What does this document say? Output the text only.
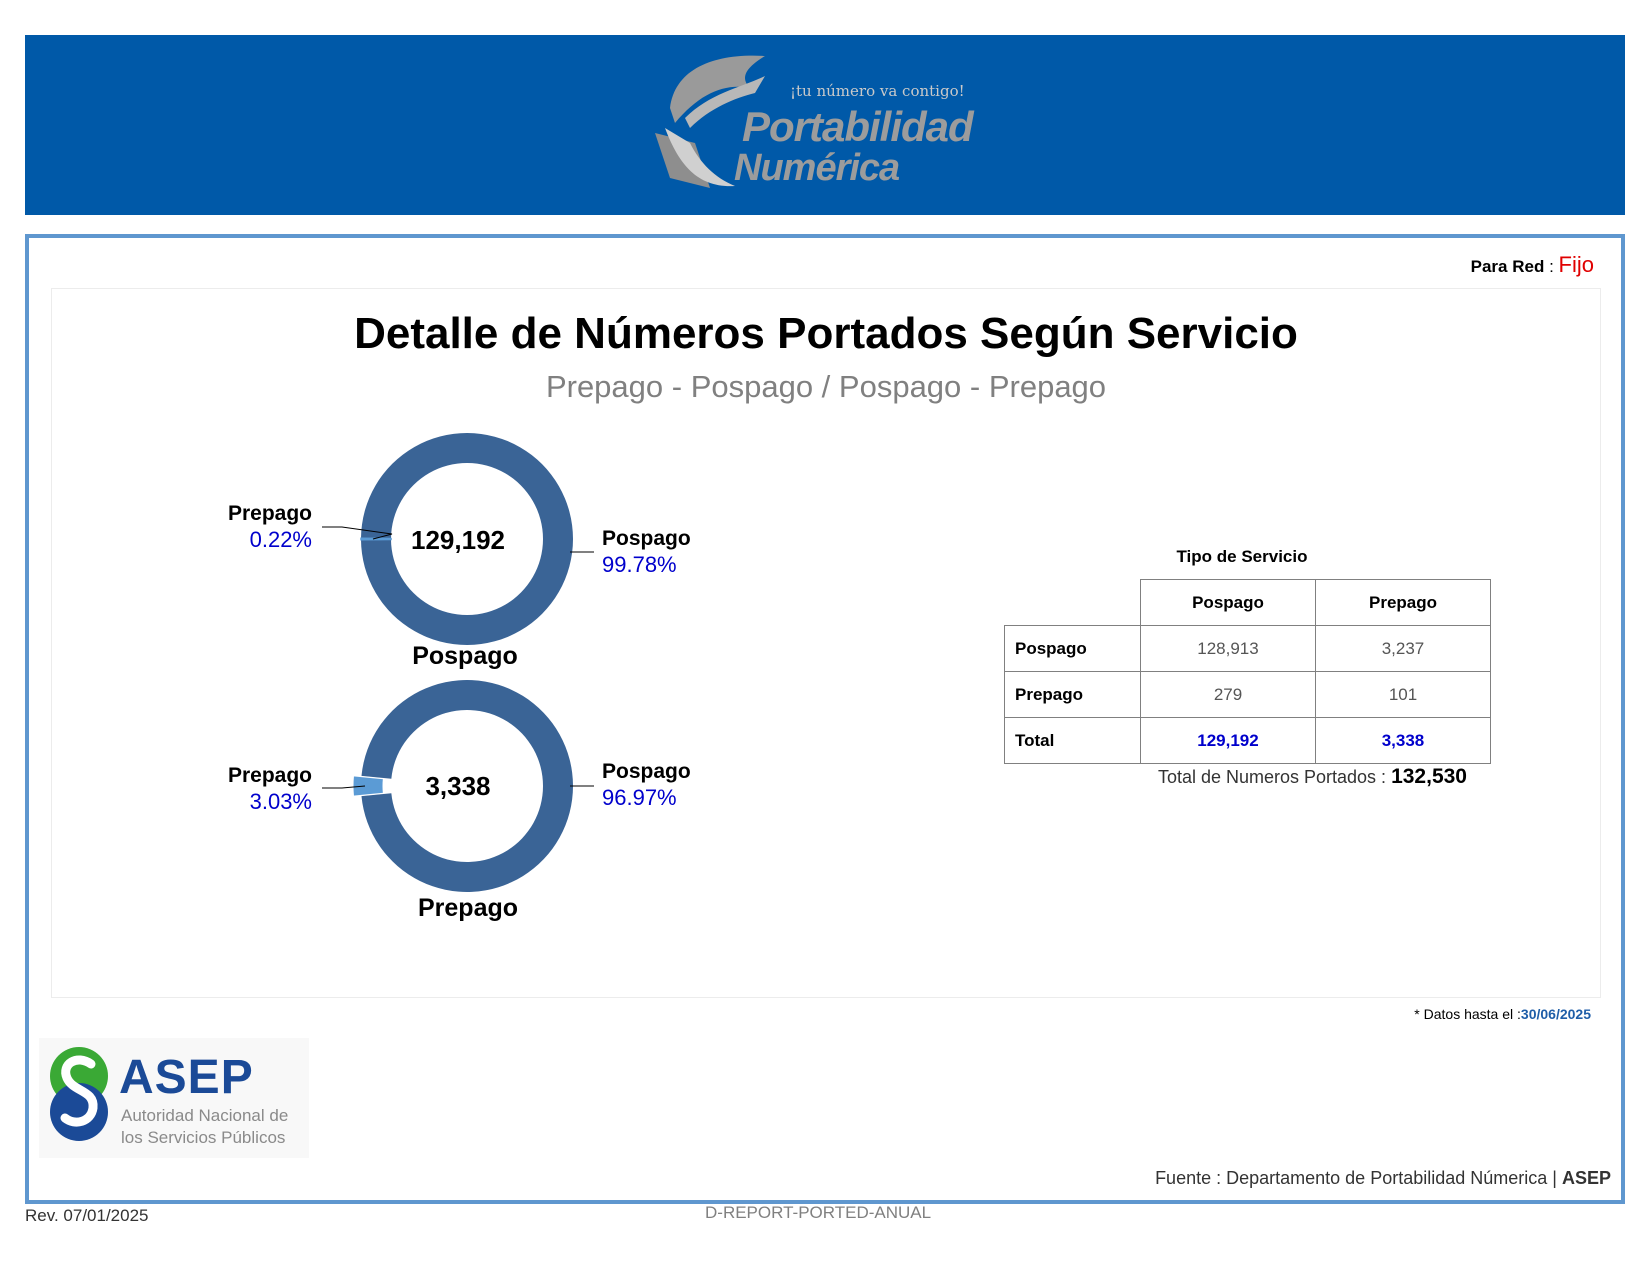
¡tu número va contigo!
Portabilidad
Numérica
Para Red : Fijo
Detalle de Números Portados Según Servicio
Prepago - Pospago / Pospago - Prepago
Prepago
0.22%	Pospago
99.78%
129,192
Pospago
Prepago
3.03%
Pospago
96.97%
3,338
Prepago
Tipo de Servicio
	Pospago	Prepago
Pospago	128,913	3,237
Prepago	279	101
Total	129,192	3,338
Total de Numeros Portados : 132,530
* Datos hasta el :30/06/2025
ASEP
Autoridad Nacional de
los Servicios Públicos
Fuente : Departamento de Portabilidad Númerica | ASEP
Rev. 07/01/2025	D-REPORT-PORTED-ANUAL
